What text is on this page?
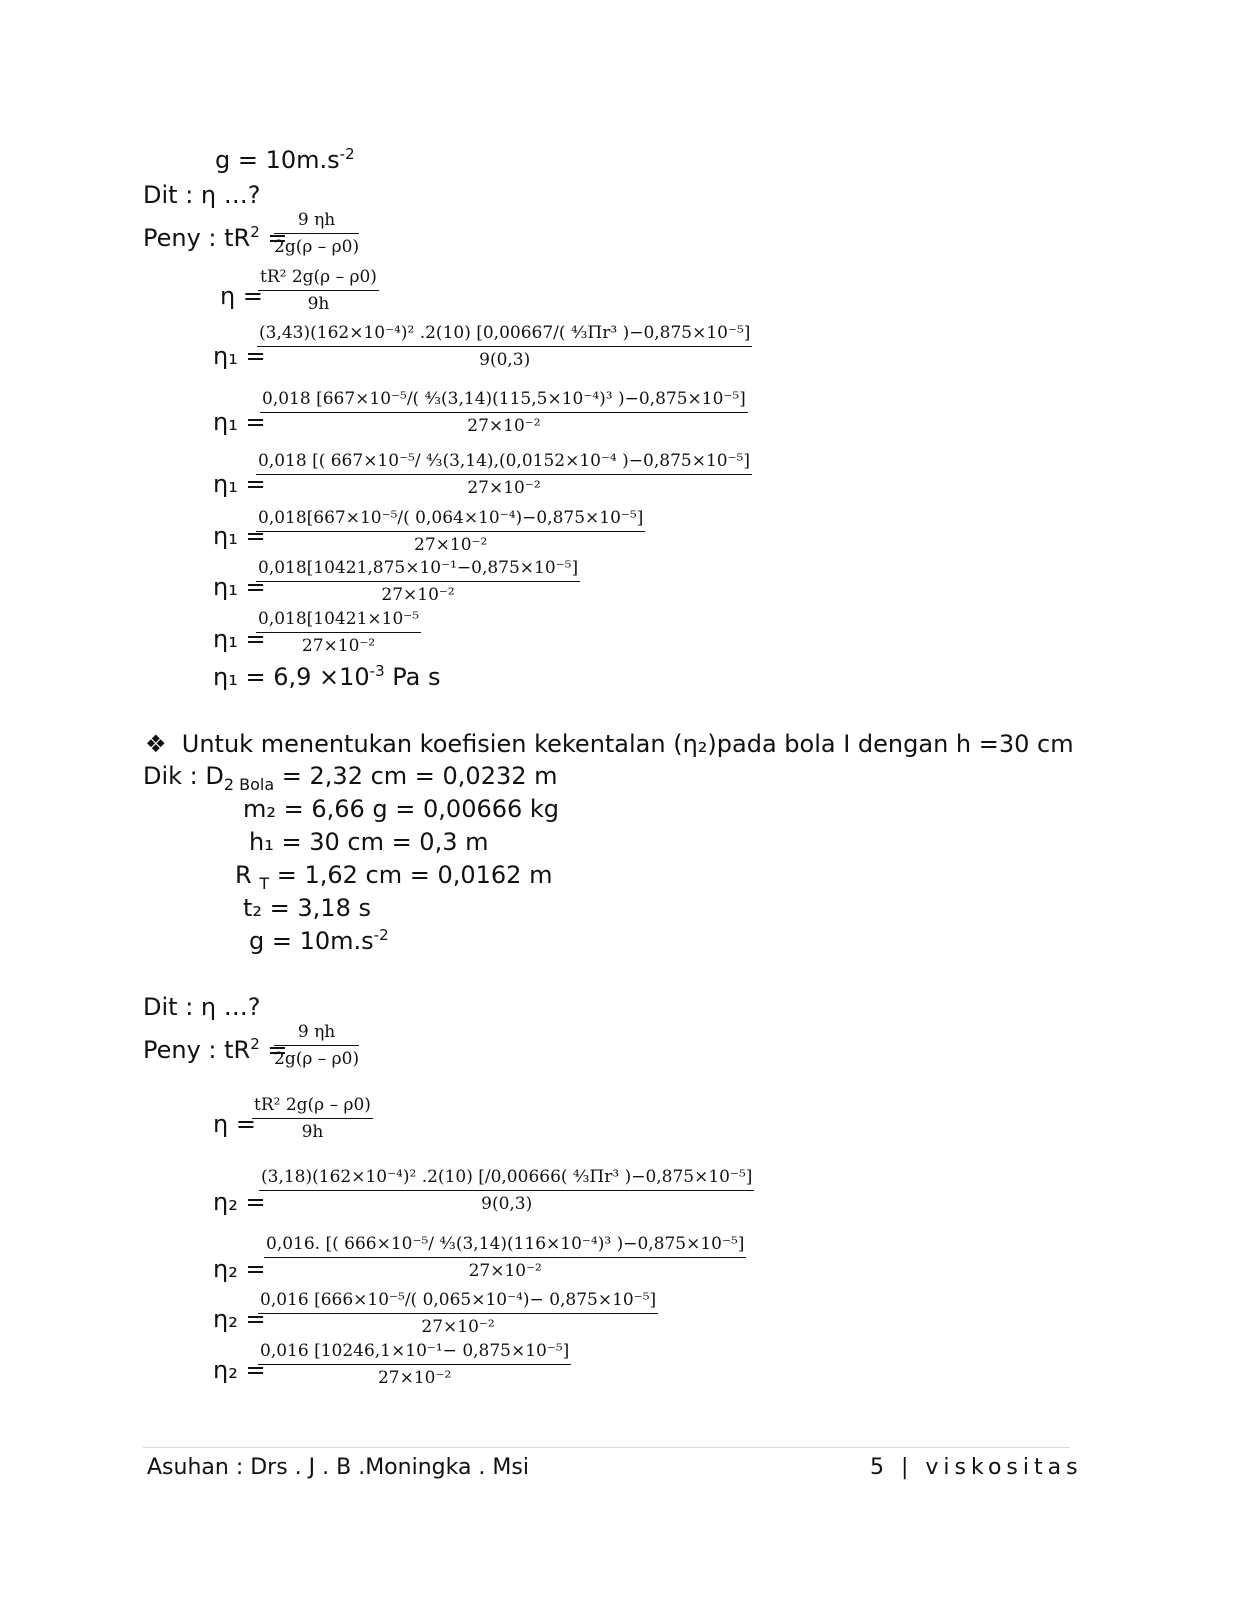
$g = 10m.s^{-2}$
Dit : η …?
Peny : $tR^2$ =
$\frac{9 \eta h}{2g(\rho - \rho 0)}$
η =
$\frac{\text{tR² 2g(ρ – ρ0)}}{9h}$
η₁ =
$\frac{\text{(3,43)(162×10⁻⁴)² .2(10) [0,00667/( ⁴⁄₃Πr³ )−0,875×10⁻⁵]}}{9(0,3)}$
η₁ =
$\frac{\text{0,018 [667×10⁻⁵/( ⁴⁄₃(3,14)(115,5×10⁻⁴)³ )−0,875×10⁻⁵]}}{\text{27×10⁻²}}$
η₁ =
$\frac{\text{0,018 [( 667×10⁻⁵/ ⁴⁄₃(3,14),(0,0152×10⁻⁴ )−0,875×10⁻⁵]}}{\text{27×10⁻²}}$
η₁ =
$\frac{\text{0,018[667×10⁻⁵/( 0,064×10⁻⁴)−0,875×10⁻⁵]}}{\text{27×10⁻²}}$
η₁ =
$\frac{\text{0,018[10421,875×10⁻¹−0,875×10⁻⁵]}}{\text{27×10⁻²}}$
η₁ =
$\frac{\text{0,018[10421×10⁻⁵}}{\text{27×10⁻²}}$
$\eta_1 = 6,9 \times 10^{-3}$ Pa s
❖ Untuk menentukan koefisien kekentalan (η₂)pada bola I dengan h =30 cm
Dik : $D_{2 Bola} = 2,32$ cm = 0,0232 m
m₂ = 6,66 g = 0,00666 kg
h₁ = 30 cm = 0,3 m
R $_T$ = 1,62 cm = 0,0162 m
t₂ = 3,18 s
$g = 10m.s^{-2}$
Dit : η …?
Peny : $tR^2$ =
$\frac{9 \eta h}{2g(\rho - \rho 0)}$
η =
$\frac{\text{tR² 2g(ρ – ρ0)}}{9h}$
η₂ =
$\frac{\text{(3,18)(162×10⁻⁴)² .2(10) [/0,00666( ⁴⁄₃Πr³ )−0,875×10⁻⁵]}}{9(0,3)}$
η₂ =
$\frac{\text{0,016. [( 666×10⁻⁵/ ⁴⁄₃(3,14)(116×10⁻⁴)³ )−0,875×10⁻⁵]}}{\text{27×10⁻²}}$
η₂ =
$\frac{\text{0,016 [666×10⁻⁵/( 0,065×10⁻⁴)− 0,875×10⁻⁵]}}{\text{27×10⁻²}}$
η₂ =
$\frac{\text{0,016 [10246,1×10⁻¹− 0,875×10⁻⁵]}}{\text{27×10⁻²}}$
Asuhan : Drs . J . B .Moningka . Msi	5 | viskositas
